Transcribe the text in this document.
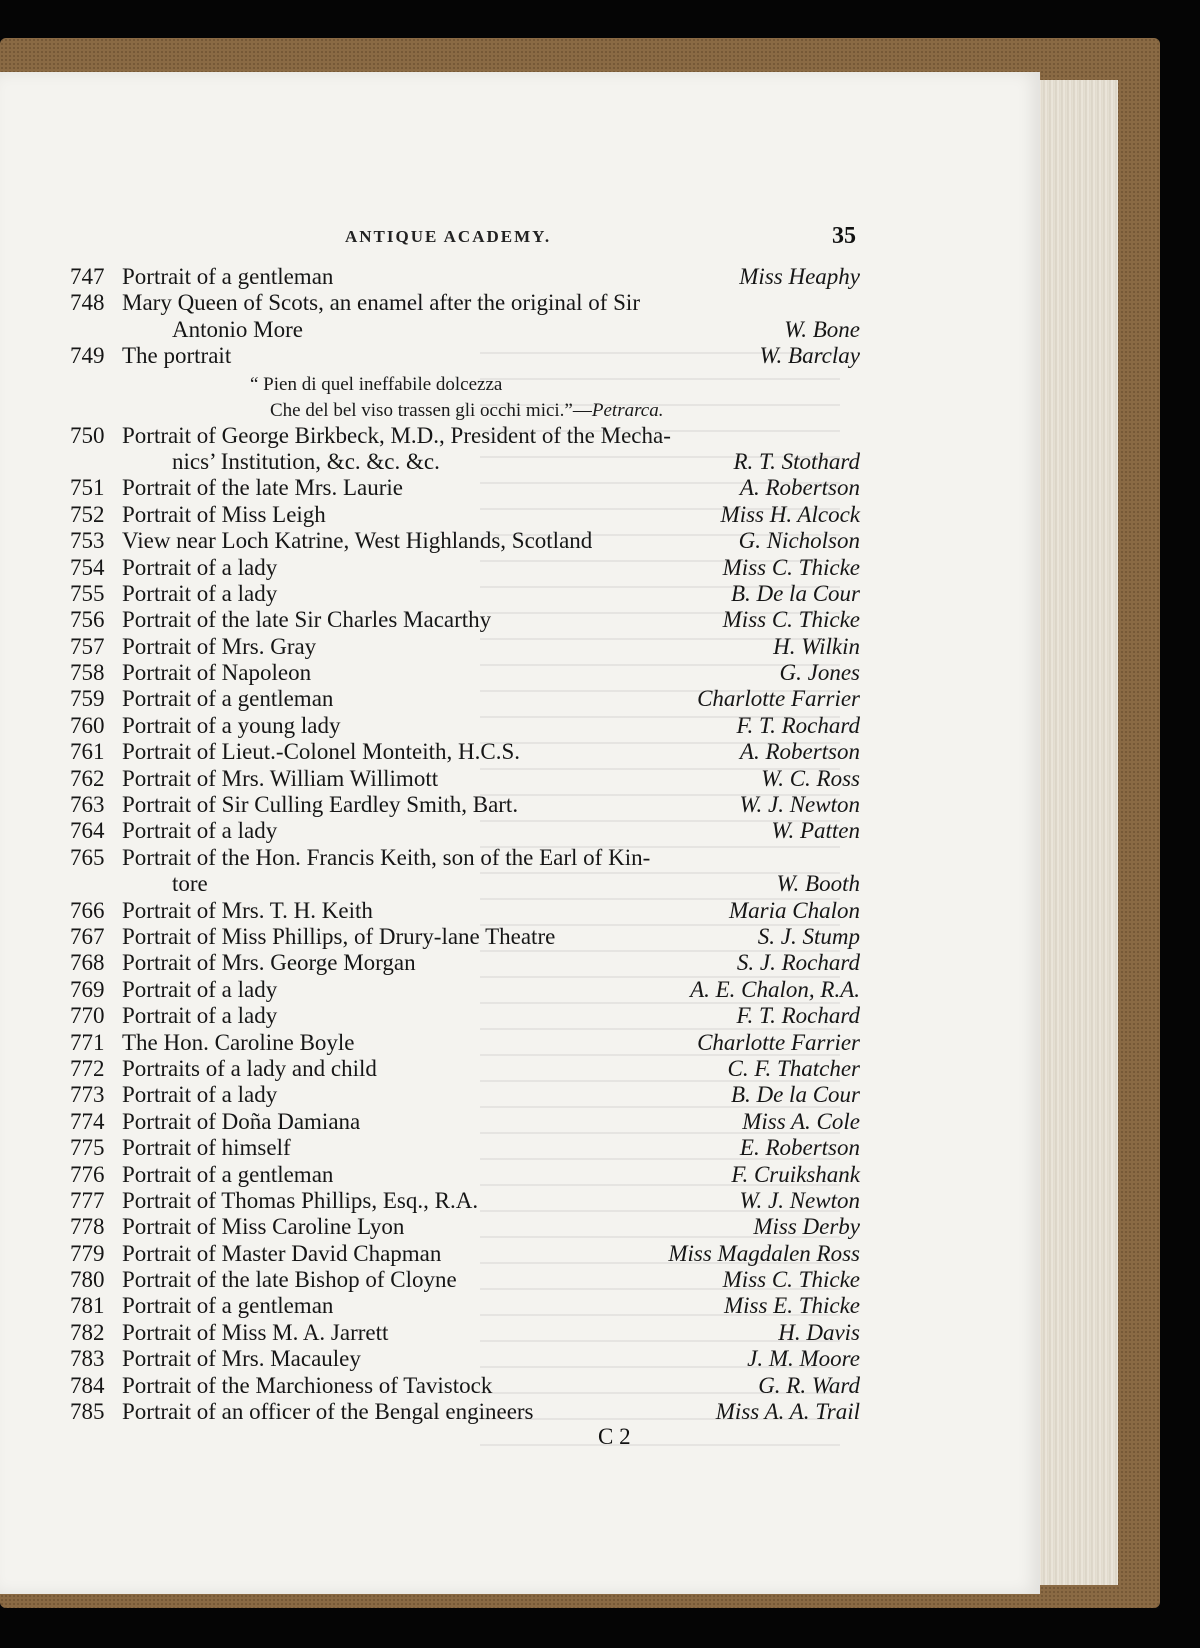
ANTIQUE ACADEMY.	35
747 Portrait of a gentleman	Miss Heaphy
748 Mary Queen of Scots, an enamel after the original of Sir
Antonio More	W. Bone
749 The portrait	W. Barclay
750 Portrait of George Birkbeck, M.D., President of the Mecha-
nics’ Institution, &c. &c. &c.	R. T. Stothard
751 Portrait of the late Mrs. Laurie	A. Robertson
752 Portrait of Miss Leigh	Miss H. Alcock
753 View near Loch Katrine, West Highlands, Scotland	G. Nicholson
754 Portrait of a lady	Miss C. Thicke
755 Portrait of a lady	B. De la Cour
756 Portrait of the late Sir Charles Macarthy	Miss C. Thicke
757 Portrait of Mrs. Gray	H. Wilkin
758 Portrait of Napoleon	G. Jones
759 Portrait of a gentleman	Charlotte Farrier
760 Portrait of a young lady	F. T. Rochard
761 Portrait of Lieut.-Colonel Monteith, H.C.S.	A. Robertson
762 Portrait of Mrs. William Willimott	W. C. Ross
763 Portrait of Sir Culling Eardley Smith, Bart.	W. J. Newton
764 Portrait of a lady	W. Patten
765 Portrait of the Hon. Francis Keith, son of the Earl of Kin-
tore	W. Booth
766 Portrait of Mrs. T. H. Keith	Maria Chalon
767 Portrait of Miss Phillips, of Drury-lane Theatre	S. J. Stump
768 Portrait of Mrs. George Morgan	S. J. Rochard
769 Portrait of a lady	A. E. Chalon, R.A.
770 Portrait of a lady	F. T. Rochard
771 The Hon. Caroline Boyle	Charlotte Farrier
772 Portraits of a lady and child	C. F. Thatcher
773 Portrait of a lady	B. De la Cour
774 Portrait of Doña Damiana	Miss A. Cole
775 Portrait of himself	E. Robertson
776 Portrait of a gentleman	F. Cruikshank
777 Portrait of Thomas Phillips, Esq., R.A.	W. J. Newton
778 Portrait of Miss Caroline Lyon	Miss Derby
779 Portrait of Master David Chapman	Miss Magdalen Ross
780 Portrait of the late Bishop of Cloyne	Miss C. Thicke
781 Portrait of a gentleman	Miss E. Thicke
782 Portrait of Miss M. A. Jarrett	H. Davis
783 Portrait of Mrs. Macauley	J. M. Moore
784 Portrait of the Marchioness of Tavistock	G. R. Ward
785 Portrait of an officer of the Bengal engineers	Miss A. A. Trail
“ Pien di quel ineffabile dolcezza
Che del bel viso trassen gli occhi mici.”—Petrarca.
C 2
